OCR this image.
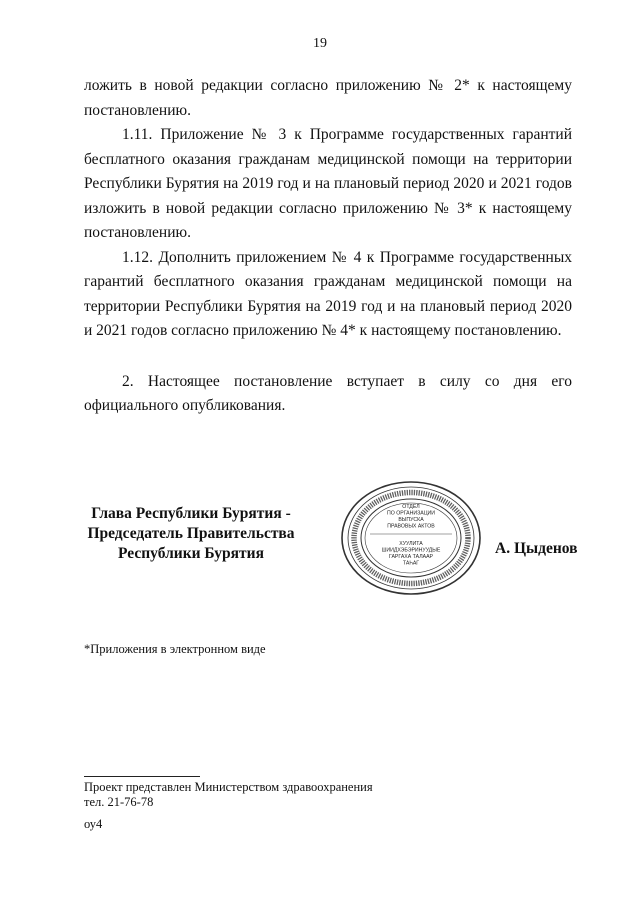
19

ложить в новой редакции согласно приложению № 2* к настоящему постановлению.

1.11. Приложение № 3 к Программе государственных гарантий бесплатного оказания гражданам медицинской помощи на территории Республики Бурятия на 2019 год и на плановый период 2020 и 2021 годов изложить в новой редакции согласно приложению № 3* к настоящему постановлению.

1.12. Дополнить приложением № 4 к Программе государственных гарантий бесплатного оказания гражданам медицинской помощи на территории Республики Бурятия на 2019 год и на плановый период 2020 и 2021 годов согласно приложению № 4* к настоящему постановлению.

2. Настоящее постановление вступает в силу со дня его официального опубликования.

Глава Республики Бурятия -
Председатель Правительства
Республики Бурятия
ОТДЕЛ
ПО ОРГАНИЗАЦИИ
ВЫПУСКА
ПРАВОВЫХ АКТОВ
ХУУЛИТА
ШИИДХЭБЭРИНУУДЫЕ
ГАРГАХА ТАЛААР
ТАҺАГ
А. Цыденов
*Приложения в электронном виде
Проект представлен Министерством здравоохранения
тел. 21-76-78
оу4
